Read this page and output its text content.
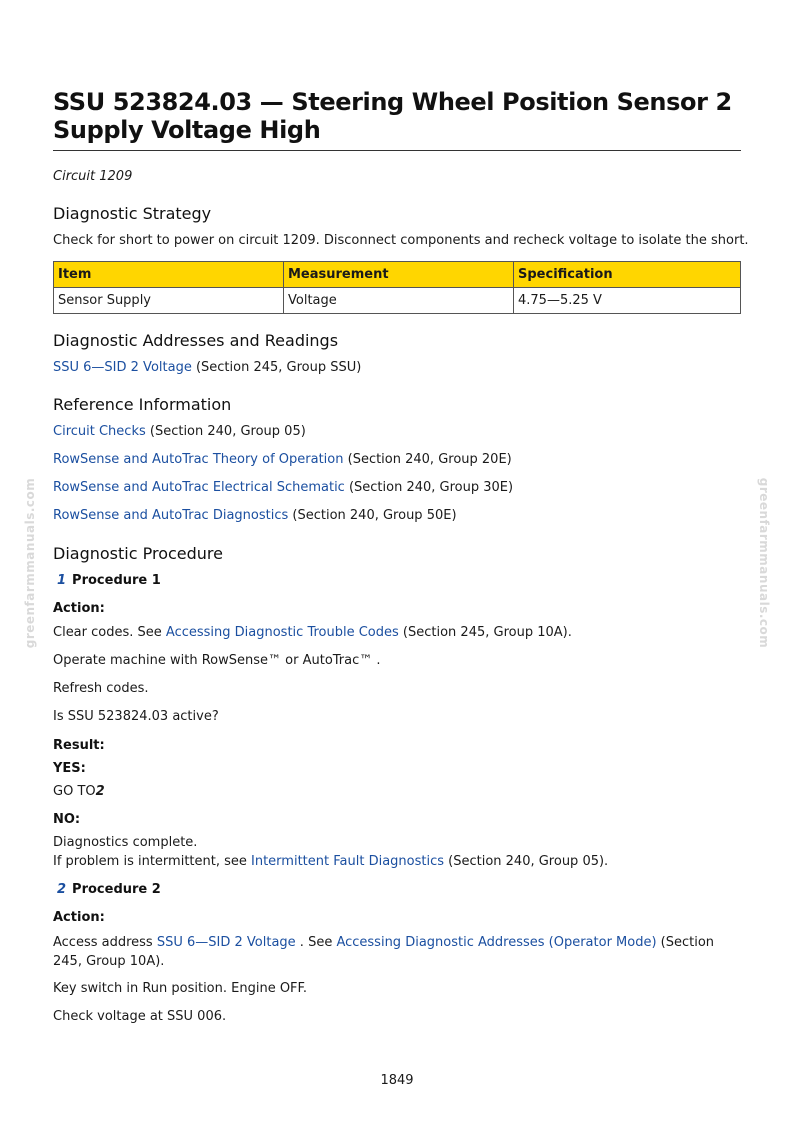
greenfarmmanuals.com	greenfarmmanuals.com
SSU 523824.03 — Steering Wheel Position Sensor 2 Supply Voltage High
Circuit 1209
Diagnostic Strategy
Check for short to power on circuit 1209. Disconnect components and recheck voltage to isolate the short.
Item	Measurement	Specification
Sensor Supply	Voltage	4.75—5.25 V
Diagnostic Addresses and Readings
SSU 6—SID 2 Voltage (Section 245, Group SSU)
Reference Information
Circuit Checks (Section 240, Group 05)
RowSense and AutoTrac Theory of Operation (Section 240, Group 20E)
RowSense and AutoTrac Electrical Schematic (Section 240, Group 30E)
RowSense and AutoTrac Diagnostics (Section 240, Group 50E)
Diagnostic Procedure
1 Procedure 1
Action:
Clear codes. See Accessing Diagnostic Trouble Codes (Section 245, Group 10A).
Operate machine with RowSense™ or AutoTrac™ .
Refresh codes.
Is SSU 523824.03 active?
Result:
YES:
GO TO2
NO:
Diagnostics complete.
If problem is intermittent, see Intermittent Fault Diagnostics (Section 240, Group 05).
2 Procedure 2
Action:
Access address SSU 6—SID 2 Voltage . See Accessing Diagnostic Addresses (Operator Mode) (Section 245, Group 10A).
Key switch in Run position. Engine OFF.
Check voltage at SSU 006.
1849
